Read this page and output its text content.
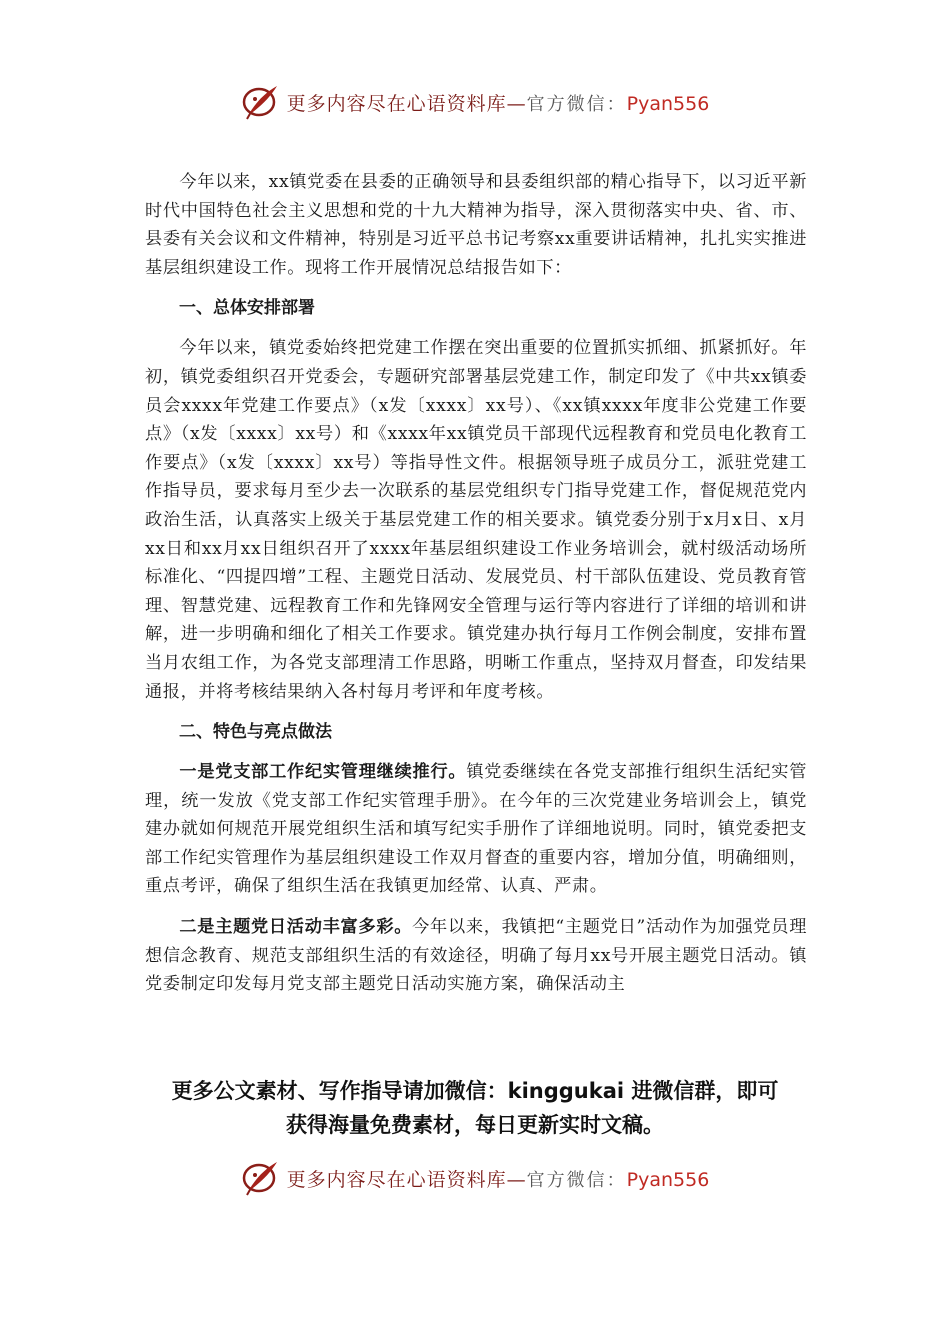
更多内容尽在心语资料库—官方微信：Pyan556

今年以来，xx镇党委在县委的正确领导和县委组织部的精心指导下，以习近平新时代中国特色社会主义思想和党的十九大精神为指导，深入贯彻落实中央、省、市、县委有关会议和文件精神，特别是习近平总书记考察xx重要讲话精神，扎扎实实推进基层组织建设工作。现将工作开展情况总结报告如下：

一、总体安排部署

今年以来，镇党委始终把党建工作摆在突出重要的位置抓实抓细、抓紧抓好。年初，镇党委组织召开党委会，专题研究部署基层党建工作，制定印发了《中共xx镇委员会xxxx年党建工作要点》（x发〔xxxx〕xx号）、《xx镇xxxx年度非公党建工作要点》（x发〔xxxx〕xx号）和《xxxx年xx镇党员干部现代远程教育和党员电化教育工作要点》（x发〔xxxx〕xx号）等指导性文件。根据领导班子成员分工，派驻党建工作指导员，要求每月至少去一次联系的基层党组织专门指导党建工作，督促规范党内政治生活，认真落实上级关于基层党建工作的相关要求。镇党委分别于x月x日、x月xx日和xx月xx日组织召开了xxxx年基层组织建设工作业务培训会，就村级活动场所标准化、“四提四增”工程、主题党日活动、发展党员、村干部队伍建设、党员教育管理、智慧党建、远程教育工作和先锋网安全管理与运行等内容进行了详细的培训和讲解，进一步明确和细化了相关工作要求。镇党建办执行每月工作例会制度，安排布置当月农组工作，为各党支部理清工作思路，明晰工作重点，坚持双月督查，印发结果通报，并将考核结果纳入各村每月考评和年度考核。

二、特色与亮点做法

一是党支部工作纪实管理继续推行。镇党委继续在各党支部推行组织生活纪实管理，统一发放《党支部工作纪实管理手册》。在今年的三次党建业务培训会上，镇党建办就如何规范开展党组织生活和填写纪实手册作了详细地说明。同时，镇党委把支部工作纪实管理作为基层组织建设工作双月督查的重要内容，增加分值，明确细则，重点考评，确保了组织生活在我镇更加经常、认真、严肃。

二是主题党日活动丰富多彩。今年以来，我镇把“主题党日”活动作为加强党员理想信念教育、规范支部组织生活的有效途径，明确了每月xx号开展主题党日活动。镇党委制定印发每月党支部主题党日活动实施方案，确保活动主

更多公文素材、写作指导请加微信：kinggukai 进微信群，即可
获得海量免费素材，每日更新实时文稿。
更多内容尽在心语资料库—官方微信：Pyan556
